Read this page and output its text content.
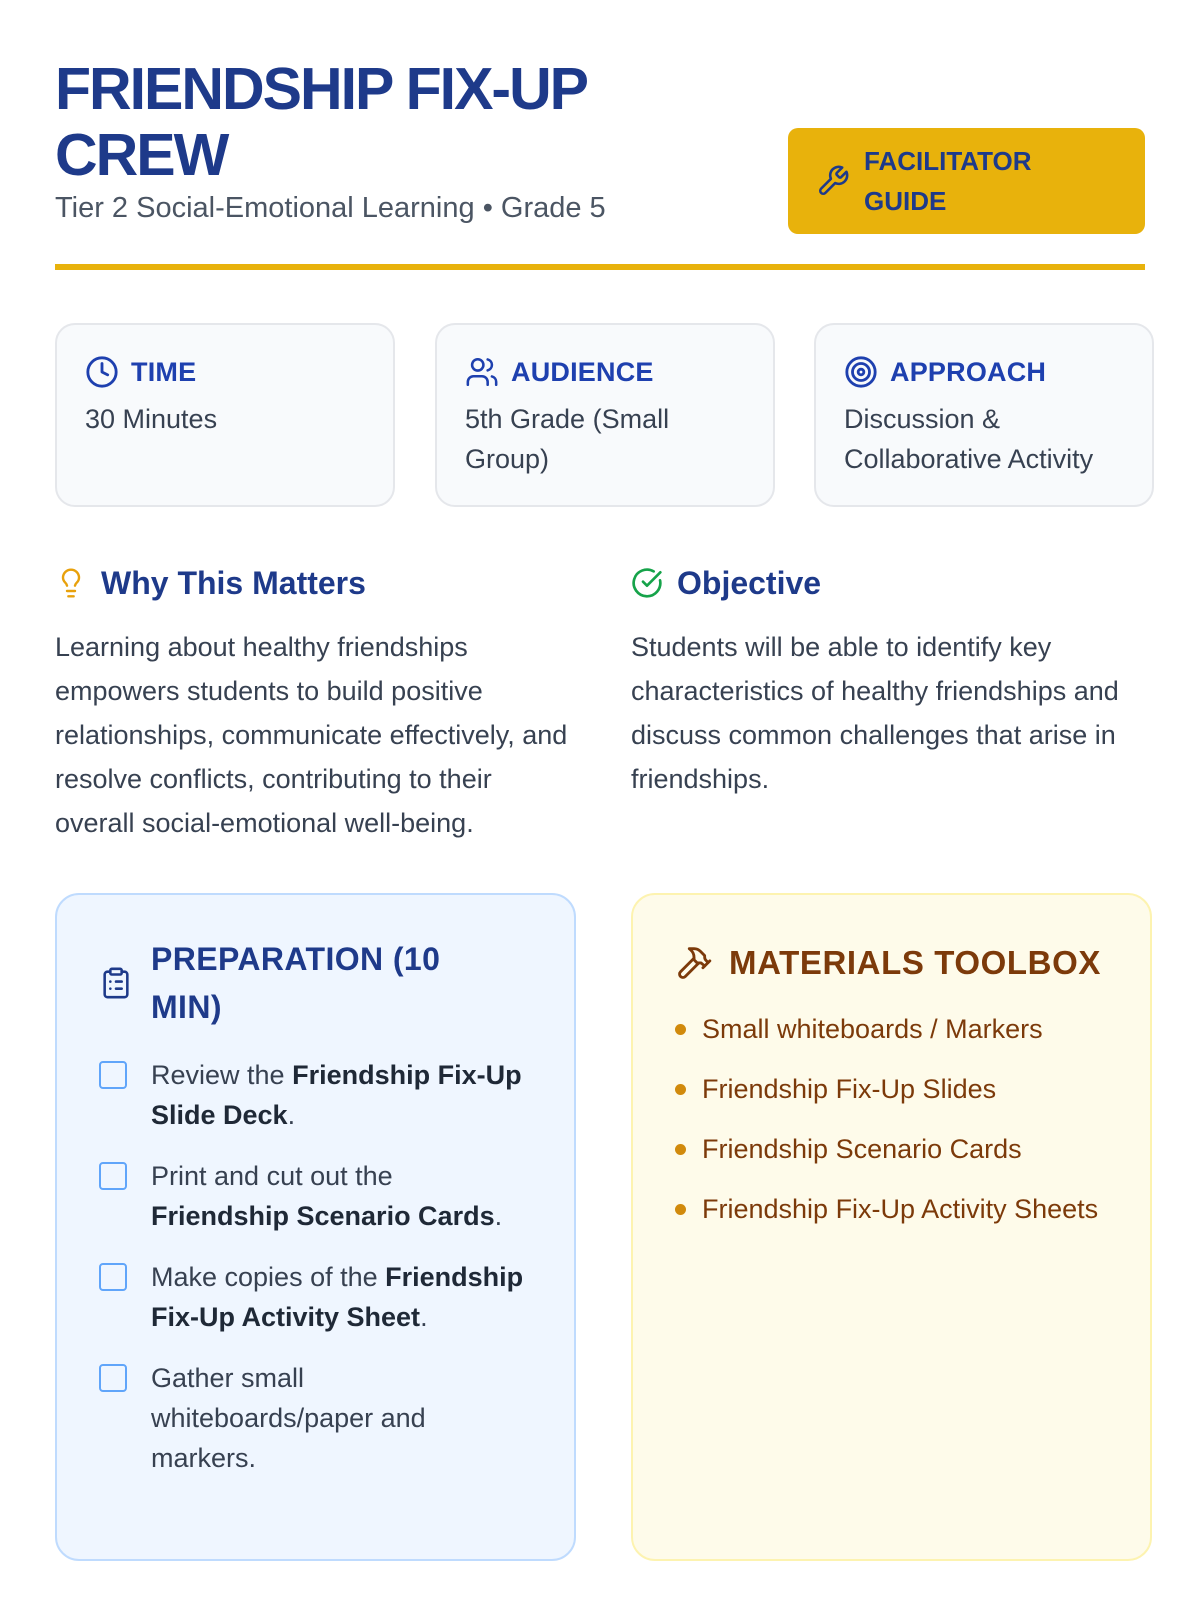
FRIENDSHIP FIX-UP CREW
Tier 2 Social-Emotional Learning • Grade 5
FACILITATOR GUIDE
TIME
30 Minutes
AUDIENCE
5th Grade (Small Group)
APPROACH
Discussion & Collaborative Activity
Why This Matters

Learning about healthy friendships empowers students to build positive relationships, communicate effectively, and resolve conflicts, contributing to their overall social-emotional well-being.

Objective

Students will be able to identify key characteristics of healthy friendships and discuss common challenges that arise in friendships.

PREPARATION (10 MIN)
Review the Friendship Fix-Up Slide Deck.
Print and cut out the Friendship Scenario Cards.
Make copies of the Friendship Fix-Up Activity Sheet.
Gather small whiteboards/paper and markers.
MATERIALS TOOLBOX
Small whiteboards / Markers
Friendship Fix-Up Slides
Friendship Scenario Cards
Friendship Fix-Up Activity Sheets
